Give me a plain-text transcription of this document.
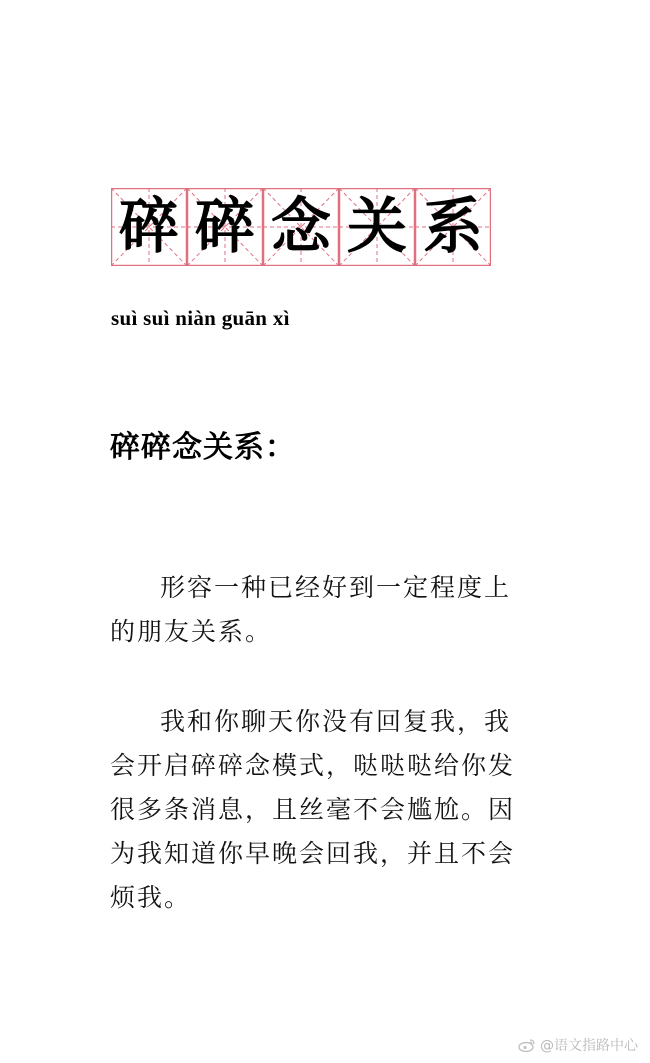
碎 碎 念 关 系
suì suì niàn guān xì
碎碎念关系：

形容一种已经好到一定程度上的朋友关系。

我和你聊天你没有回复我，我会开启碎碎念模式，哒哒哒给你发很多条消息，且丝毫不会尴尬。因为我知道你早晚会回我，并且不会烦我。

@语文指路中心
